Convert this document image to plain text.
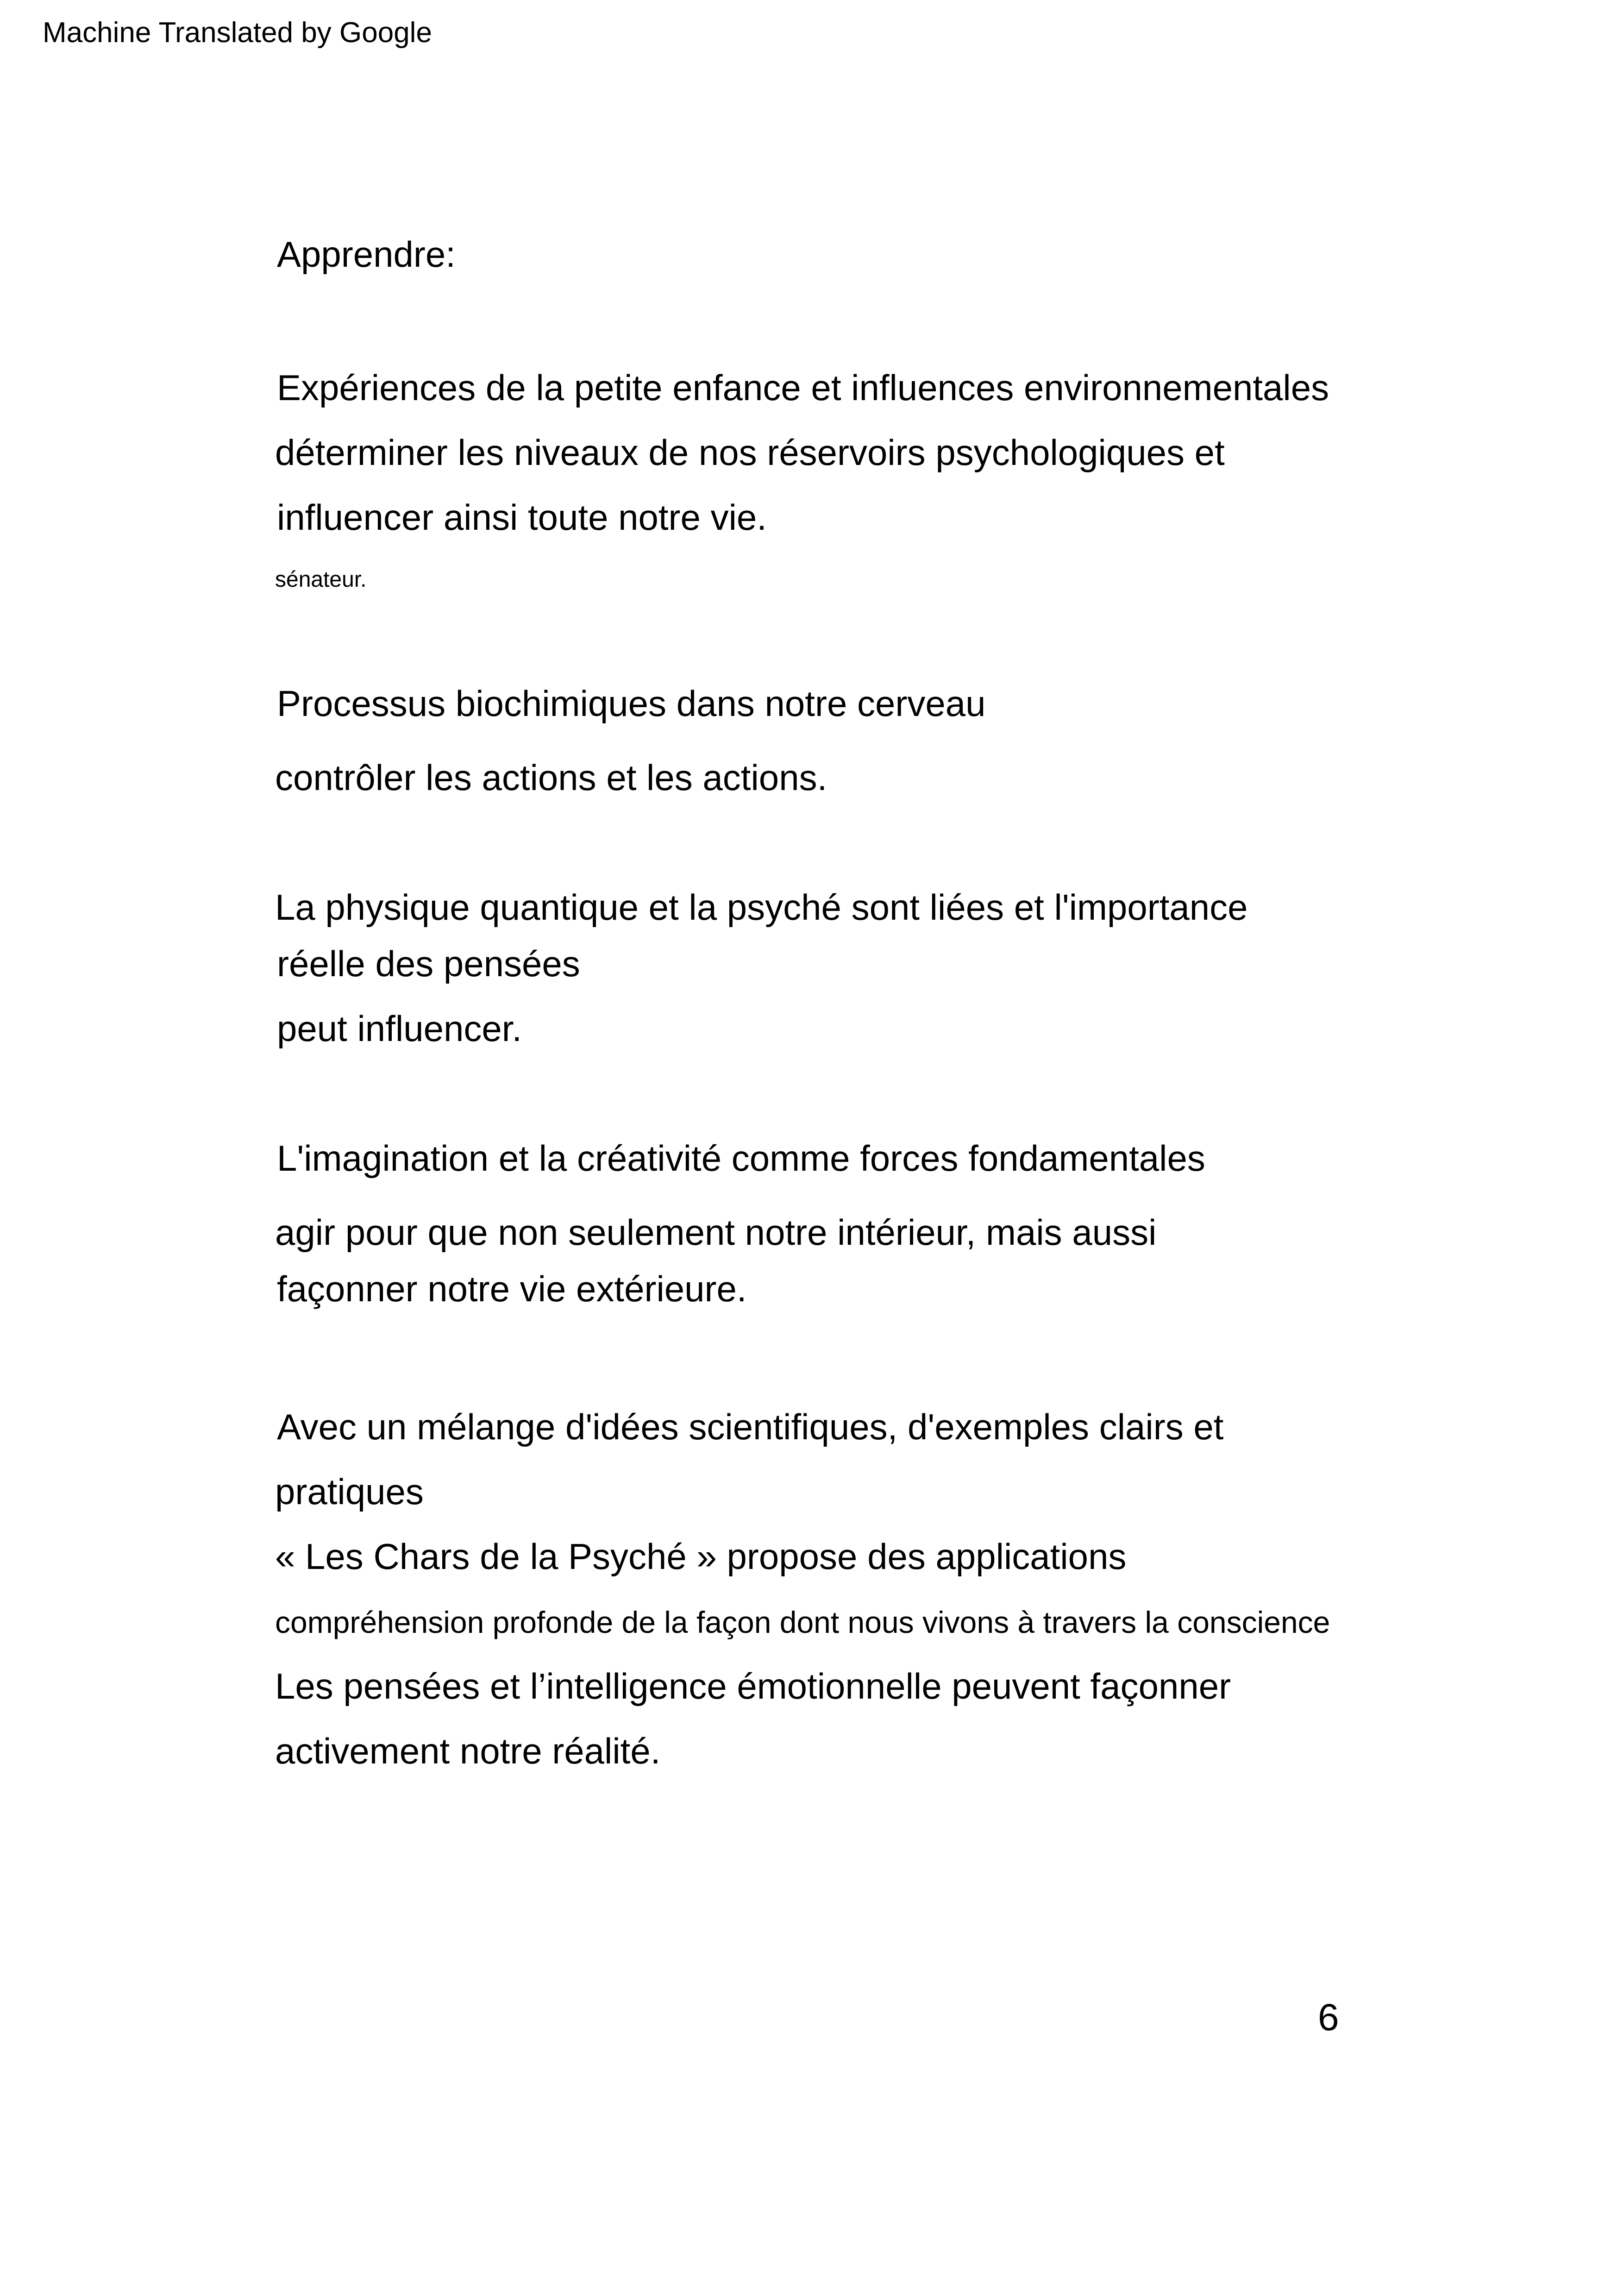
Machine Translated by Google
Apprendre:
Expériences de la petite enfance et influences environnementales
déterminer les niveaux de nos réservoirs psychologiques et
influencer ainsi toute notre vie.
sénateur.
Processus biochimiques dans notre cerveau
contrôler les actions et les actions.
La physique quantique et la psyché sont liées et l'importance
réelle des pensées
peut influencer.
L'imagination et la créativité comme forces fondamentales
agir pour que non seulement notre intérieur, mais aussi
façonner notre vie extérieure.
Avec un mélange d'idées scientifiques, d'exemples clairs et
pratiques
« Les Chars de la Psyché » propose des applications
compréhension profonde de la façon dont nous vivons à travers la conscience
Les pensées et l’intelligence émotionnelle peuvent façonner
activement notre réalité.
6
